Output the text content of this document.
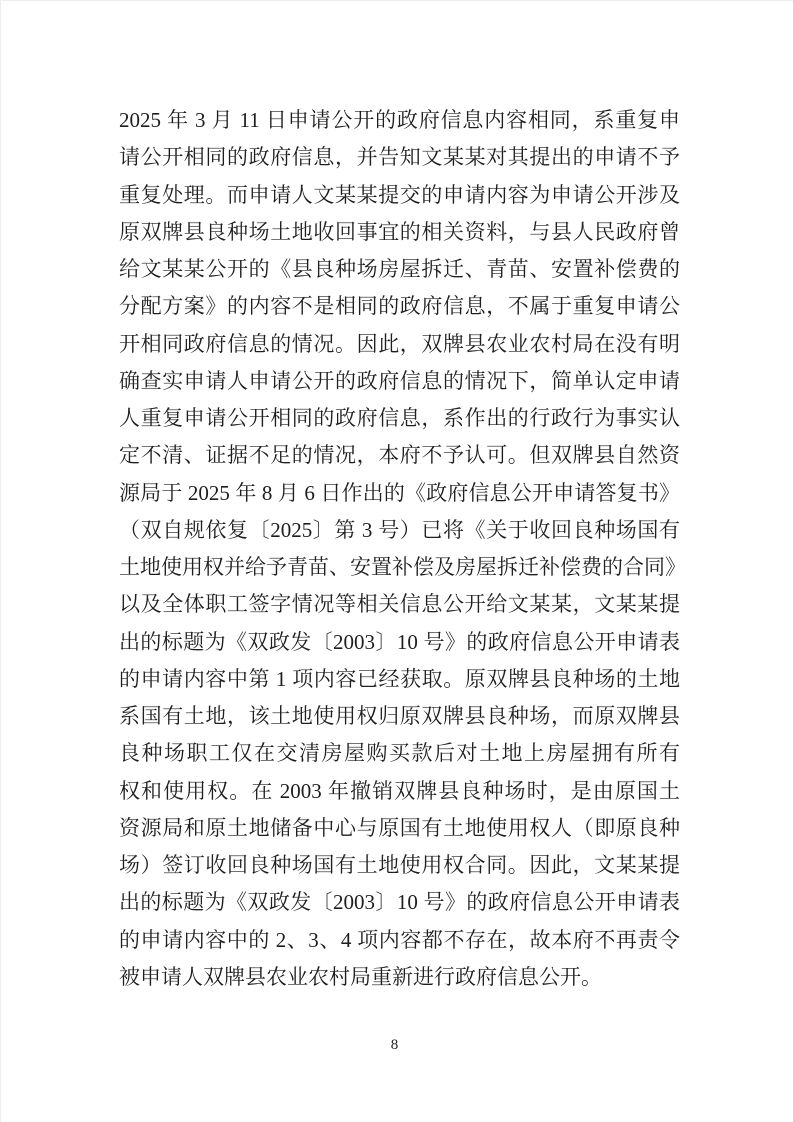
2025 年 3 月 11 日申请公开的政府信息内容相同，系重复申
请公开相同的政府信息，并告知文某某对其提出的申请不予
重复处理。而申请人文某某提交的申请内容为申请公开涉及
原双牌县良种场土地收回事宜的相关资料，与县人民政府曾
给文某某公开的《县良种场房屋拆迁、青苗、安置补偿费的
分配方案》的内容不是相同的政府信息，不属于重复申请公
开相同政府信息的情况。因此，双牌县农业农村局在没有明
确查实申请人申请公开的政府信息的情况下，简单认定申请
人重复申请公开相同的政府信息，系作出的行政行为事实认
定不清、证据不足的情况，本府不予认可。但双牌县自然资
源局于 2025 年 8 月 6 日作出的《政府信息公开申请答复书》
（双自规依复〔2025〕第 3 号）已将《关于收回良种场国有
土地使用权并给予青苗、安置补偿及房屋拆迁补偿费的合同》
以及全体职工签字情况等相关信息公开给文某某，文某某提
出的标题为《双政发〔2003〕10 号》的政府信息公开申请表
的申请内容中第 1 项内容已经获取。原双牌县良种场的土地
系国有土地，该土地使用权归原双牌县良种场，而原双牌县
良种场职工仅在交清房屋购买款后对土地上房屋拥有所有
权和使用权。在 2003 年撤销双牌县良种场时，是由原国土
资源局和原土地储备中心与原国有土地使用权人（即原良种
场）签订收回良种场国有土地使用权合同。因此，文某某提
出的标题为《双政发〔2003〕10 号》的政府信息公开申请表
的申请内容中的 2、3、4 项内容都不存在，故本府不再责令
被申请人双牌县农业农村局重新进行政府信息公开。
8
